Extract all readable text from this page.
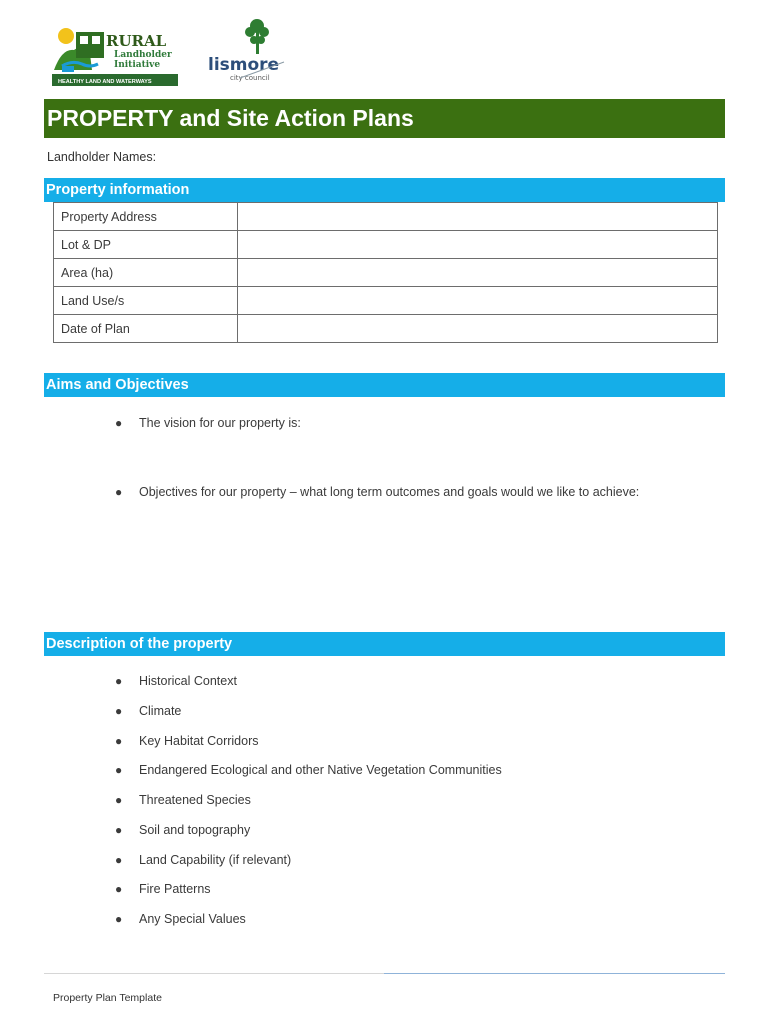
RURAL
Landholder
Initiative
HEALTHY LAND AND WATERWAYS
lismore
city council
PROPERTY and Site Action Plans
Landholder Names:
Property information
Property Address	
Lot & DP	
Area (ha)	
Land Use/s	
Date of Plan	
Aims and Objectives
● The vision for our property is:
● Objectives for our property – what long term outcomes and goals would we like to achieve:
Description of the property
● Historical Context
● Climate
● Key Habitat Corridors
● Endangered Ecological and other Native Vegetation Communities
● Threatened Species
● Soil and topography
● Land Capability (if relevant)
● Fire Patterns
● Any Special Values
Property Plan Template
